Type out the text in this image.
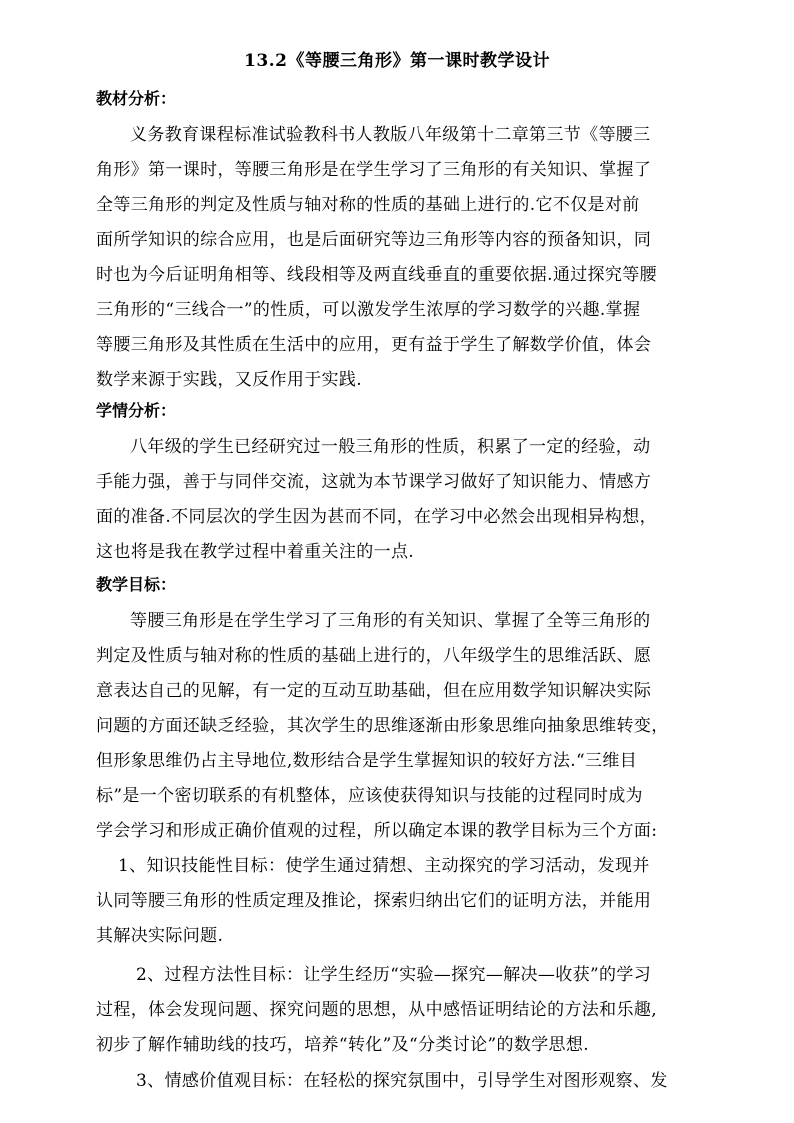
13.2《等腰三角形》第一课时教学设计
教材分析：
义务教育课程标准试验教科书人教版八年级第十二章第三节《等腰三
角形》第一课时，等腰三角形是在学生学习了三角形的有关知识、掌握了
全等三角形的判定及性质与轴对称的性质的基础上进行的.它不仅是对前
面所学知识的综合应用，也是后面研究等边三角形等内容的预备知识，同
时也为今后证明角相等、线段相等及两直线垂直的重要依据.通过探究等腰
三角形的“三线合一”的性质，可以激发学生浓厚的学习数学的兴趣.掌握
等腰三角形及其性质在生活中的应用，更有益于学生了解数学价值，体会
数学来源于实践，又反作用于实践.
学情分析：
八年级的学生已经研究过一般三角形的性质，积累了一定的经验，动
手能力强，善于与同伴交流，这就为本节课学习做好了知识能力、情感方
面的准备.不同层次的学生因为甚而不同，在学习中必然会出现相异构想，
这也将是我在教学过程中着重关注的一点.
教学目标：
等腰三角形是在学生学习了三角形的有关知识、掌握了全等三角形的
判定及性质与轴对称的性质的基础上进行的，八年级学生的思维活跃、愿
意表达自己的见解，有一定的互动互助基础，但在应用数学知识解决实际
问题的方面还缺乏经验，其次学生的思维逐渐由形象思维向抽象思维转变，
但形象思维仍占主导地位,数形结合是学生掌握知识的较好方法.“三维目
标”是一个密切联系的有机整体，应该使获得知识与技能的过程同时成为
学会学习和形成正确价值观的过程，所以确定本课的教学目标为三个方面:
1、知识技能性目标：使学生通过猜想、主动探究的学习活动，发现并
认同等腰三角形的性质定理及推论，探索归纳出它们的证明方法，并能用
其解决实际问题.
2、过程方法性目标：让学生经历“实验—探究—解决—收获”的学习
过程，体会发现问题、探究问题的思想，从中感悟证明结论的方法和乐趣,
初步了解作辅助线的技巧，培养“转化”及“分类讨论”的数学思想.
3、情感价值观目标：在轻松的探究氛围中，引导学生对图形观察、发
